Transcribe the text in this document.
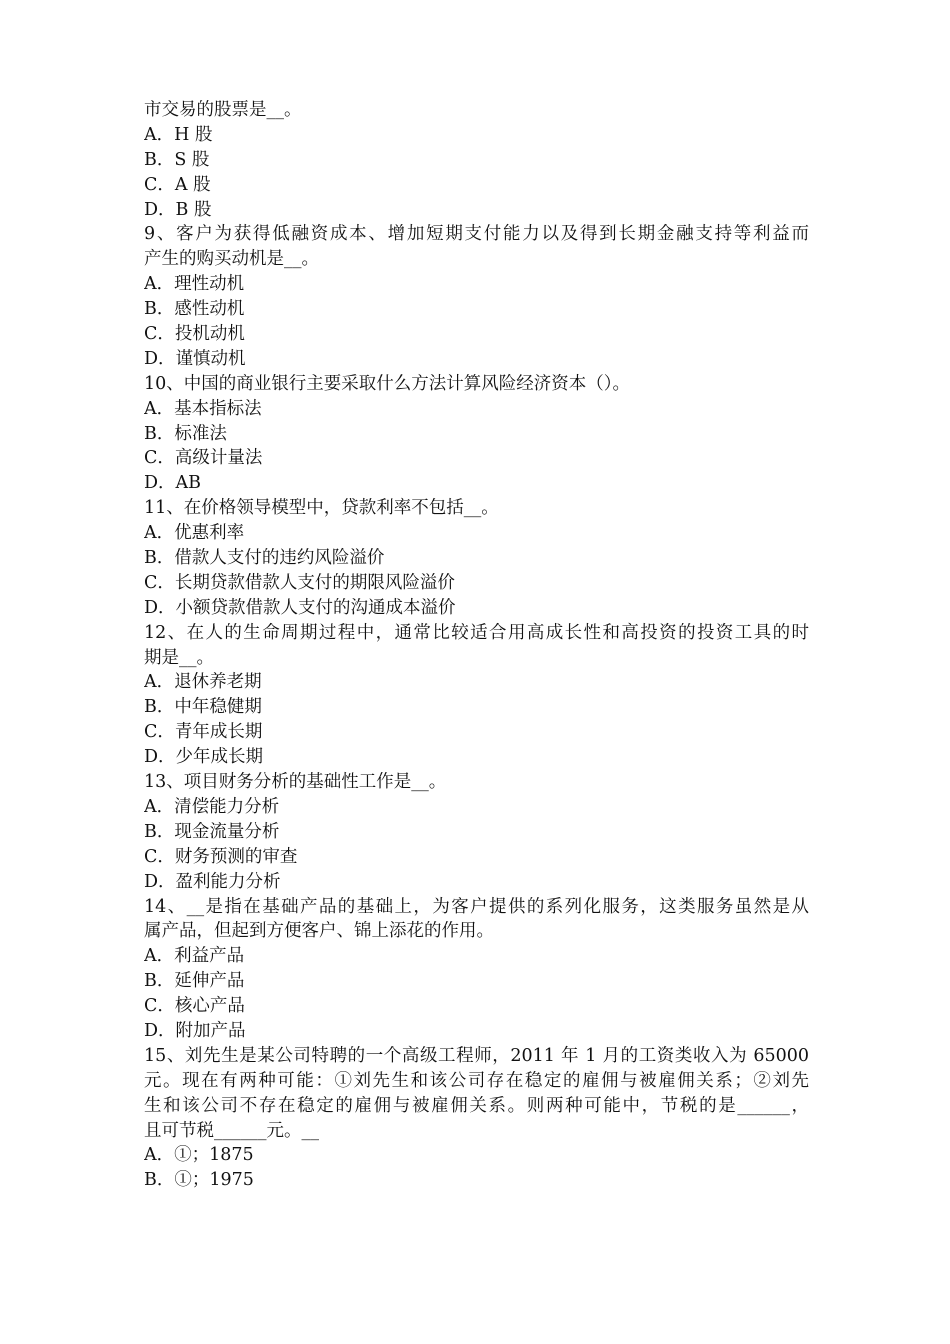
市交易的股票是__。
A．H 股
B．S 股
C．A 股
D．B 股
9、客户为获得低融资成本、增加短期支付能力以及得到长期金融支持等利益而
产生的购买动机是__。
A．理性动机
B．感性动机
C．投机动机
D．谨慎动机
10、中国的商业银行主要采取什么方法计算风险经济资本（）。
A．基本指标法
B．标准法
C．高级计量法
D．AB
11、在价格领导模型中，贷款利率不包括__。
A．优惠利率
B．借款人支付的违约风险溢价
C．长期贷款借款人支付的期限风险溢价
D．小额贷款借款人支付的沟通成本溢价
12、在人的生命周期过程中，通常比较适合用高成长性和高投资的投资工具的时
期是__。
A．退休养老期
B．中年稳健期
C．青年成长期
D．少年成长期
13、项目财务分析的基础性工作是__。
A．清偿能力分析
B．现金流量分析
C．财务预测的审查
D．盈利能力分析
14、__是指在基础产品的基础上，为客户提供的系列化服务，这类服务虽然是从
属产品，但起到方便客户、锦上添花的作用。
A．利益产品
B．延伸产品
C．核心产品
D．附加产品
15、刘先生是某公司特聘的一个高级工程师，2011 年 1 月的工资类收入为 65000
元。现在有两种可能：①刘先生和该公司存在稳定的雇佣与被雇佣关系；②刘先
生和该公司不存在稳定的雇佣与被雇佣关系。则两种可能中，节税的是______，
且可节税______元。__
A．①；1875
B．①；1975
